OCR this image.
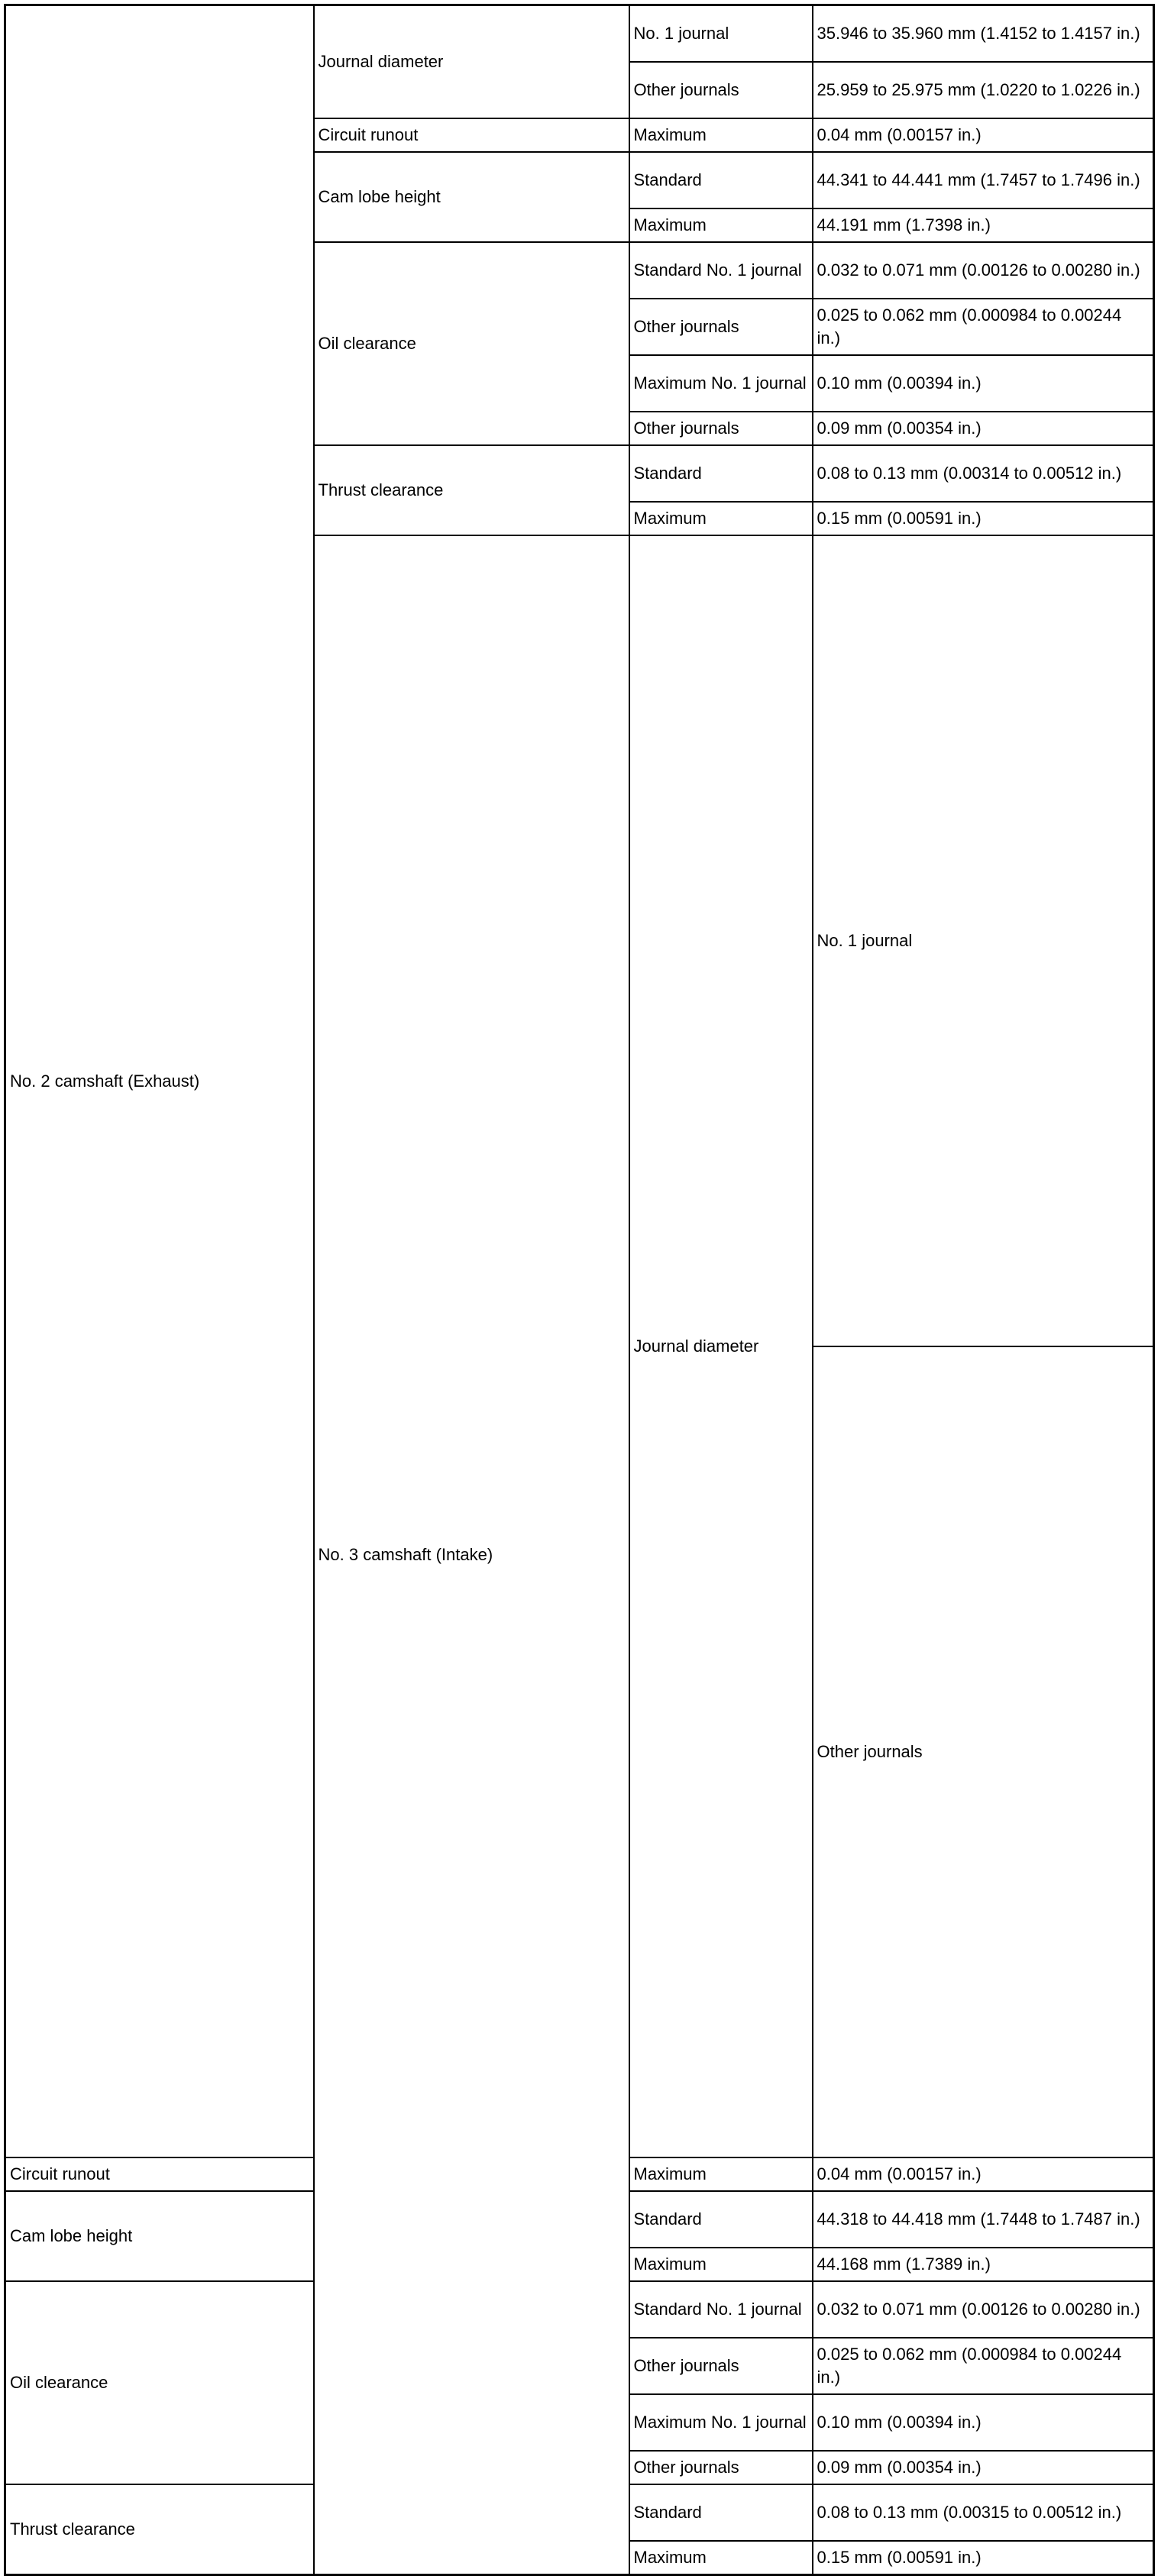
No. 2 camshaft (Exhaust)	Journal diameter	No. 1 journal	35.946 to 35.960 mm (1.4152 to 1.4157 in.)	
		Other journals	25.959 to 25.975 mm (1.0220 to 1.0226 in.)	
	Circuit runout	Maximum	0.04 mm (0.00157 in.)	
	Cam lobe height	Standard	44.341 to 44.441 mm (1.7457 to 1.7496 in.)	
		Maximum	44.191 mm (1.7398 in.)	
	Oil clearance	Standard No. 1 journal	0.032 to 0.071 mm (0.00126 to 0.00280 in.)	
		Other journals	0.025 to 0.062 mm (0.000984 to 0.00244 in.)	
		Maximum No. 1 journal	0.10 mm (0.00394 in.)	
		Other journals	0.09 mm (0.00354 in.)	
	Thrust clearance	Standard	0.08 to 0.13 mm (0.00314 to 0.00512 in.)	
		Maximum	0.15 mm (0.00591 in.)	
	No. 3 camshaft (Intake)	Journal diameter	No. 1 journal	
			Other journals	
Circuit runout		Maximum	0.04 mm (0.00157 in.)	
Cam lobe height		Standard	44.318 to 44.418 mm (1.7448 to 1.7487 in.)	
		Maximum	44.168 mm (1.7389 in.)	
Oil clearance		Standard No. 1 journal	0.032 to 0.071 mm (0.00126 to 0.00280 in.)	
		Other journals	0.025 to 0.062 mm (0.000984 to 0.00244 in.)	
		Maximum No. 1 journal	0.10 mm (0.00394 in.)	
		Other journals	0.09 mm (0.00354 in.)	
Thrust clearance		Standard	0.08 to 0.13 mm (0.00315 to 0.00512 in.)	
		Maximum	0.15 mm (0.00591 in.)	
